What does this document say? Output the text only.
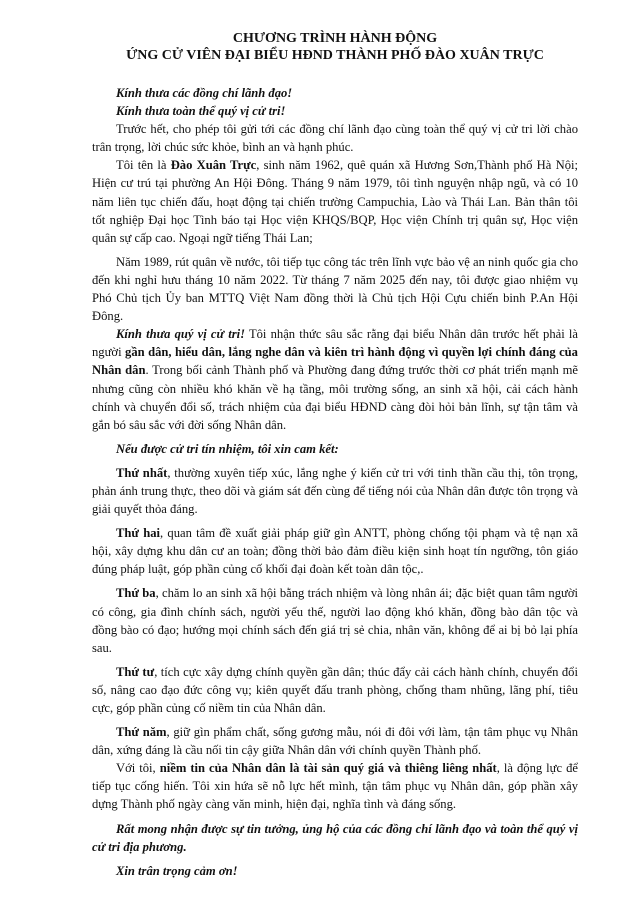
CHƯƠNG TRÌNH HÀNH ĐỘNG
ỨNG CỬ VIÊN ĐẠI BIỂU HĐND THÀNH PHỐ ĐÀO XUÂN TRỰC

Kính thưa các đồng chí lãnh đạo!

Kính thưa toàn thể quý vị cử tri!

Trước hết, cho phép tôi gửi tới các đồng chí lãnh đạo cùng toàn thể quý vị cử tri lời chào trân trọng, lời chúc sức khỏe, bình an và hạnh phúc.

Tôi tên là Đào Xuân Trực, sinh năm 1962, quê quán xã Hương Sơn,Thành phố Hà Nội; Hiện cư trú tại phường An Hội Đông. Tháng 9 năm 1979, tôi tình nguyện nhập ngũ, và có 10 năm liên tục chiến đấu, hoạt động tại chiến trường Campuchia, Lào và Thái Lan. Bản thân tôi tốt nghiệp Đại học Tình báo tại Học viện KHQS/BQP, Học viện Chính trị quân sự, Học viện quân sự cấp cao. Ngoại ngữ tiếng Thái Lan;

Năm 1989, rút quân về nước, tôi tiếp tục công tác trên lĩnh vực bảo vệ an ninh quốc gia cho đến khi nghỉ hưu tháng 10 năm 2022. Từ tháng 7 năm 2025 đến nay, tôi được giao nhiệm vụ Phó Chủ tịch Ủy ban MTTQ Việt Nam đồng thời là Chủ tịch Hội Cựu chiến binh P.An Hội Đông.

Kính thưa quý vị cử tri! Tôi nhận thức sâu sắc rằng đại biểu Nhân dân trước hết phải là người gần dân, hiểu dân, lắng nghe dân và kiên trì hành động vì quyền lợi chính đáng của Nhân dân. Trong bối cảnh Thành phố và Phường đang đứng trước thời cơ phát triển mạnh mẽ nhưng cũng còn nhiều khó khăn về hạ tầng, môi trường sống, an sinh xã hội, cải cách hành chính và chuyển đổi số, trách nhiệm của đại biểu HĐND càng đòi hỏi bản lĩnh, sự tận tâm và gắn bó sâu sắc với đời sống Nhân dân.

Nếu được cử tri tín nhiệm, tôi xin cam kết:

Thứ nhất, thường xuyên tiếp xúc, lắng nghe ý kiến cử tri với tinh thần cầu thị, tôn trọng, phản ánh trung thực, theo dõi và giám sát đến cùng để tiếng nói của Nhân dân được tôn trọng và giải quyết thỏa đáng.

Thứ hai, quan tâm đề xuất giải pháp giữ gìn ANTT, phòng chống tội phạm và tệ nạn xã hội, xây dựng khu dân cư an toàn; đồng thời bảo đảm điều kiện sinh hoạt tín ngưỡng, tôn giáo đúng pháp luật, góp phần củng cố khối đại đoàn kết toàn dân tộc,.

Thứ ba, chăm lo an sinh xã hội bằng trách nhiệm và lòng nhân ái; đặc biệt quan tâm người có công, gia đình chính sách, người yếu thế, người lao động khó khăn, đồng bào dân tộc và đồng bào có đạo; hướng mọi chính sách đến giá trị sẻ chia, nhân văn, không để ai bị bỏ lại phía sau.

Thứ tư, tích cực xây dựng chính quyền gần dân; thúc đẩy cải cách hành chính, chuyển đổi số, nâng cao đạo đức công vụ; kiên quyết đấu tranh phòng, chống tham nhũng, lãng phí, tiêu cực, góp phần củng cố niềm tin của Nhân dân.

Thứ năm, giữ gìn phẩm chất, sống gương mẫu, nói đi đôi với làm, tận tâm phục vụ Nhân dân, xứng đáng là cầu nối tin cậy giữa Nhân dân với chính quyền Thành phố.

Với tôi, niềm tin của Nhân dân là tài sản quý giá và thiêng liêng nhất, là động lực để tiếp tục cống hiến. Tôi xin hứa sẽ nỗ lực hết mình, tận tâm phục vụ Nhân dân, góp phần xây dựng Thành phố ngày càng văn minh, hiện đại, nghĩa tình và đáng sống.

Rất mong nhận được sự tin tưởng, ủng hộ của các đồng chí lãnh đạo và toàn thể quý vị cử tri địa phương.

Xin trân trọng cảm ơn!
